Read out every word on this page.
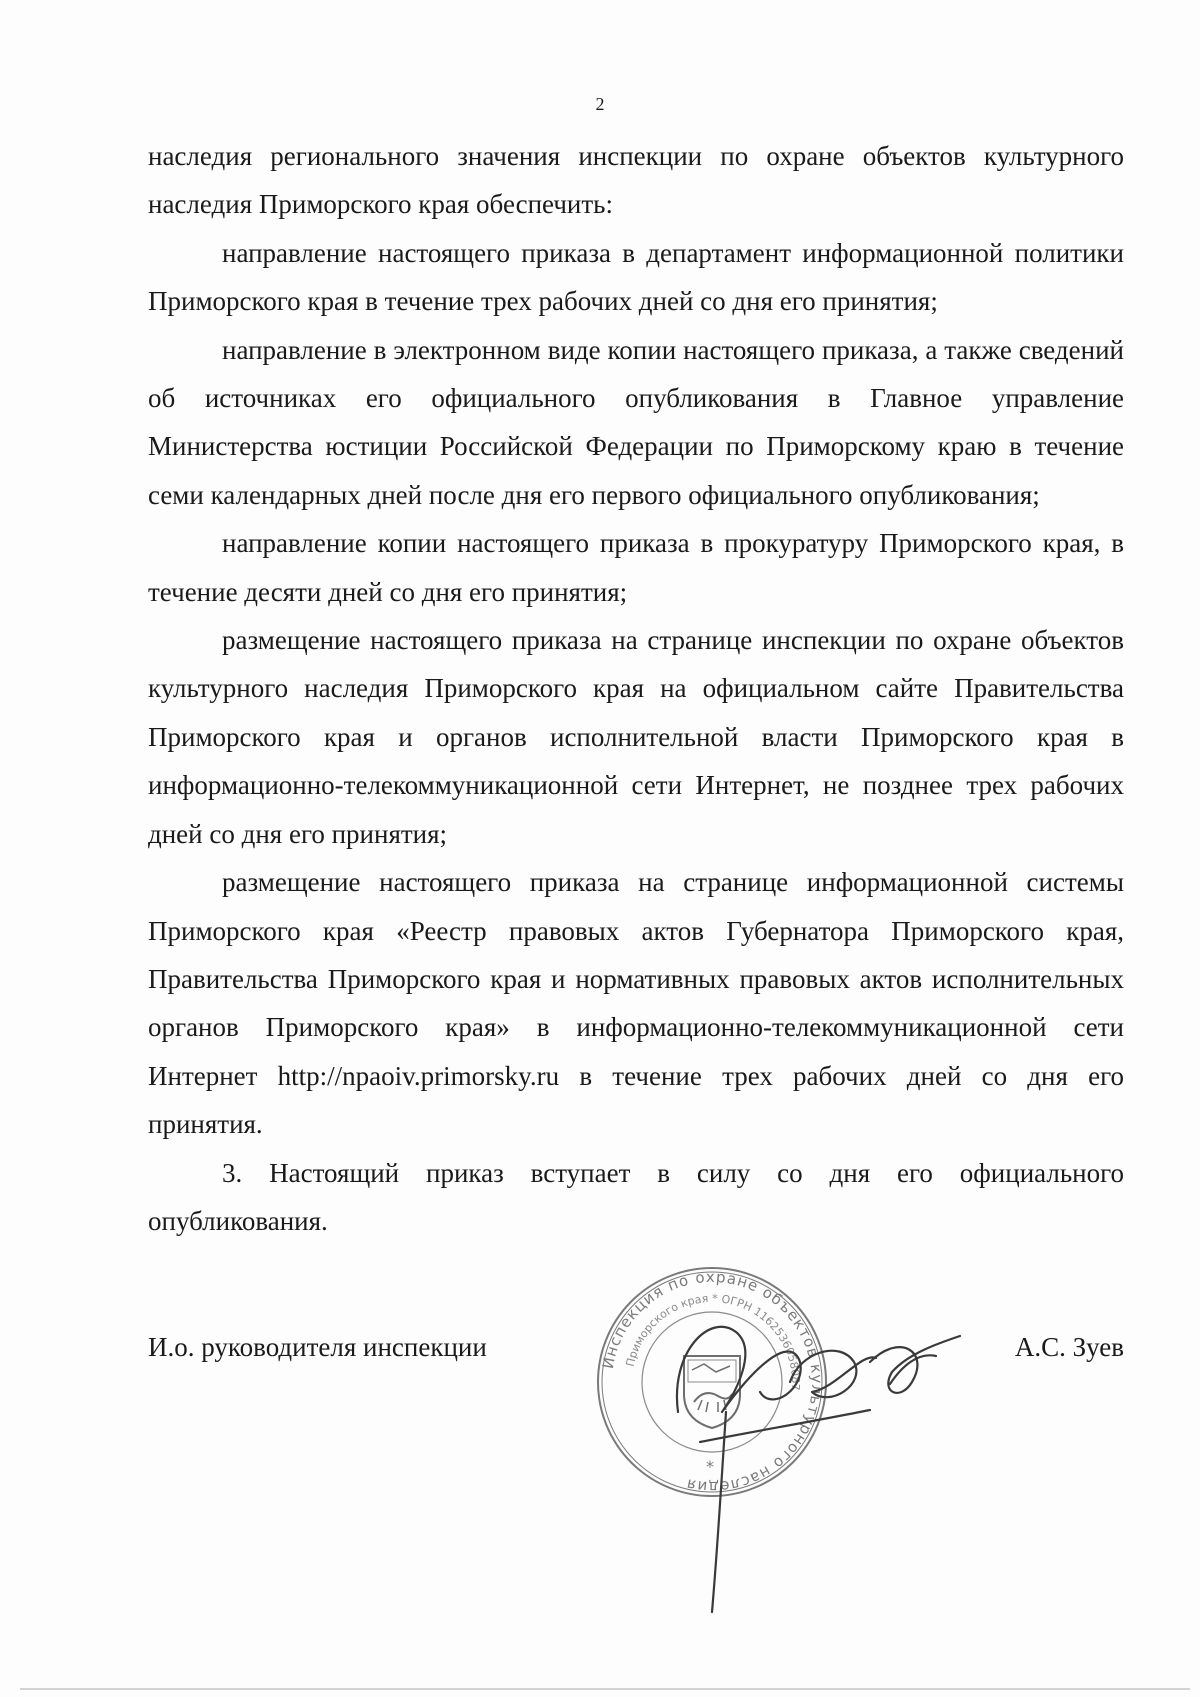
2

наследия регионального значения инспекции по охране объектов культурного наследия Приморского края обеспечить:

направление настоящего приказа в департамент информационной политики Приморского края в течение трех рабочих дней со дня его принятия;

направление в электронном виде копии настоящего приказа, а также сведений об источниках его официального опубликования в Главное управление Министерства юстиции Российской Федерации по Приморскому краю в течение семи календарных дней после дня его первого официального опубликования;

направление копии настоящего приказа в прокуратуру Приморского края, в течение десяти дней со дня его принятия;

размещение настоящего приказа на странице инспекции по охране объектов культурного наследия Приморского края на официальном сайте Правительства Приморского края и органов исполнительной власти Приморского края в информационно-телекоммуникационной сети Интернет, не позднее трех рабочих дней со дня его принятия;

размещение настоящего приказа на странице информационной системы Приморского края «Реестр правовых актов Губернатора Приморского края, Правительства Приморского края и нормативных правовых актов исполнительных органов Приморского края» в информационно-телекоммуникационной сети Интернет http://npaoiv.primorsky.ru в течение трех рабочих дней со дня его принятия.

3. Настоящий приказ вступает в силу со дня его официального опубликования.

Инспекция по охране объектов культурного наследия
Приморского края * ОГРН 1162536058087
*
И.о. руководителя инспекции	А.С. Зуев
